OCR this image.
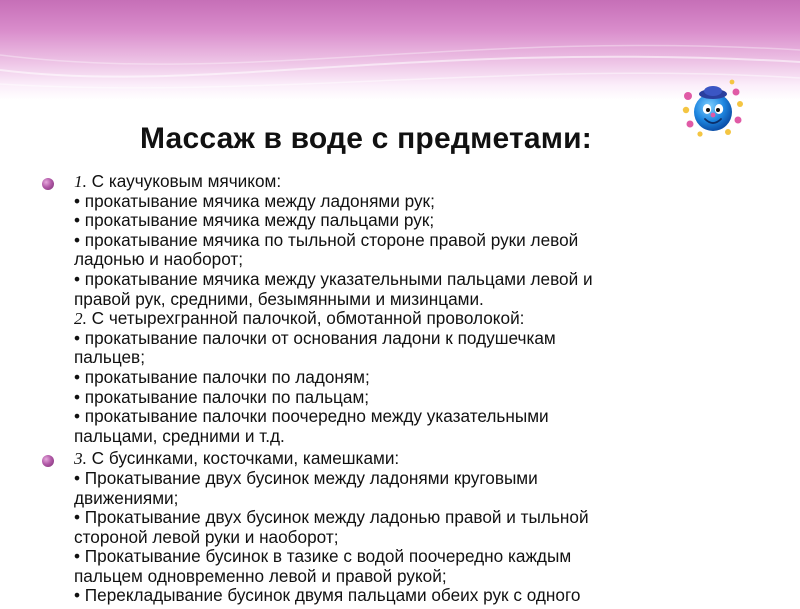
Массаж в воде с предметами:
1. С каучуковым мячиком:
• прокатывание мячика между ладонями рук;
• прокатывание мячика между пальцами рук;
• прокатывание мячика по тыльной стороне правой руки левой
ладонью и наоборот;
• прокатывание мячика между указательными пальцами левой и
правой рук, средними, безымянными и мизинцами.
2. С четырехгранной палочкой, обмотанной проволокой:
• прокатывание палочки от основания ладони к подушечкам
пальцев;
• прокатывание палочки по ладоням;
• прокатывание палочки по пальцам;
• прокатывание палочки поочередно между указательными
пальцами, средними и т.д.
3. С бусинками, косточками, камешками:
• Прокатывание двух бусинок между ладонями круговыми
движениями;
• Прокатывание двух бусинок между ладонью правой и тыльной
стороной левой руки и наоборот;
• Прокатывание бусинок в тазике с водой поочередно каждым
пальцем одновременно левой и правой рукой;
• Перекладывание бусинок двумя пальцами обеих рук с одного
